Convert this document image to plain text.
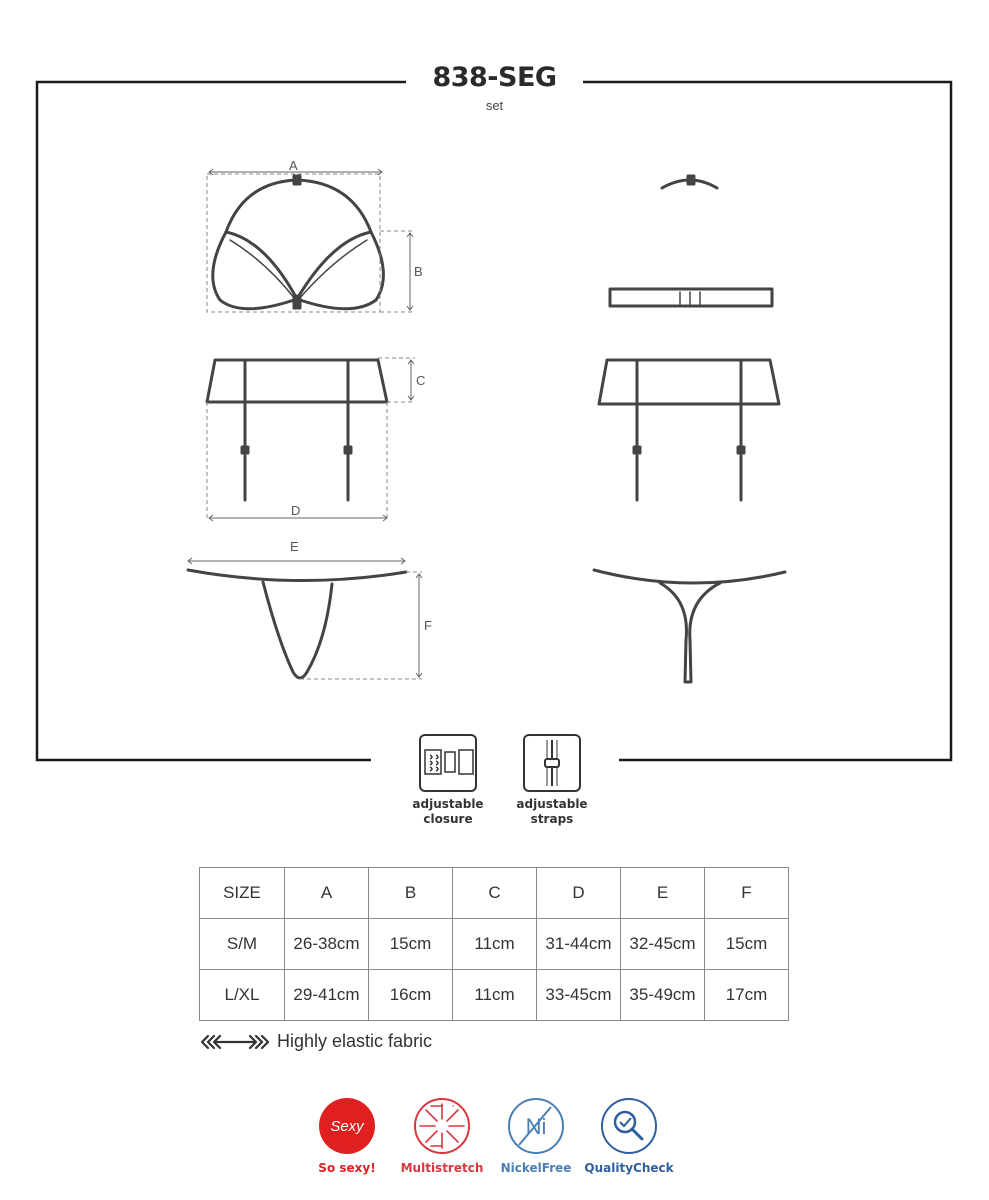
838-SEG
set
A
B
C
D
E
F
adjustable
closure
adjustable
straps
SIZE	A	B	C	D	E	F
S/M	26-38cm	15cm	11cm	31-44cm	32-45cm	15cm
L/XL	29-41cm	16cm	11cm	33-45cm	35-49cm	17cm
Highly elastic fabric
Sexy
So sexy!	Multistretch
Ni
NickelFree	QualityCheck
